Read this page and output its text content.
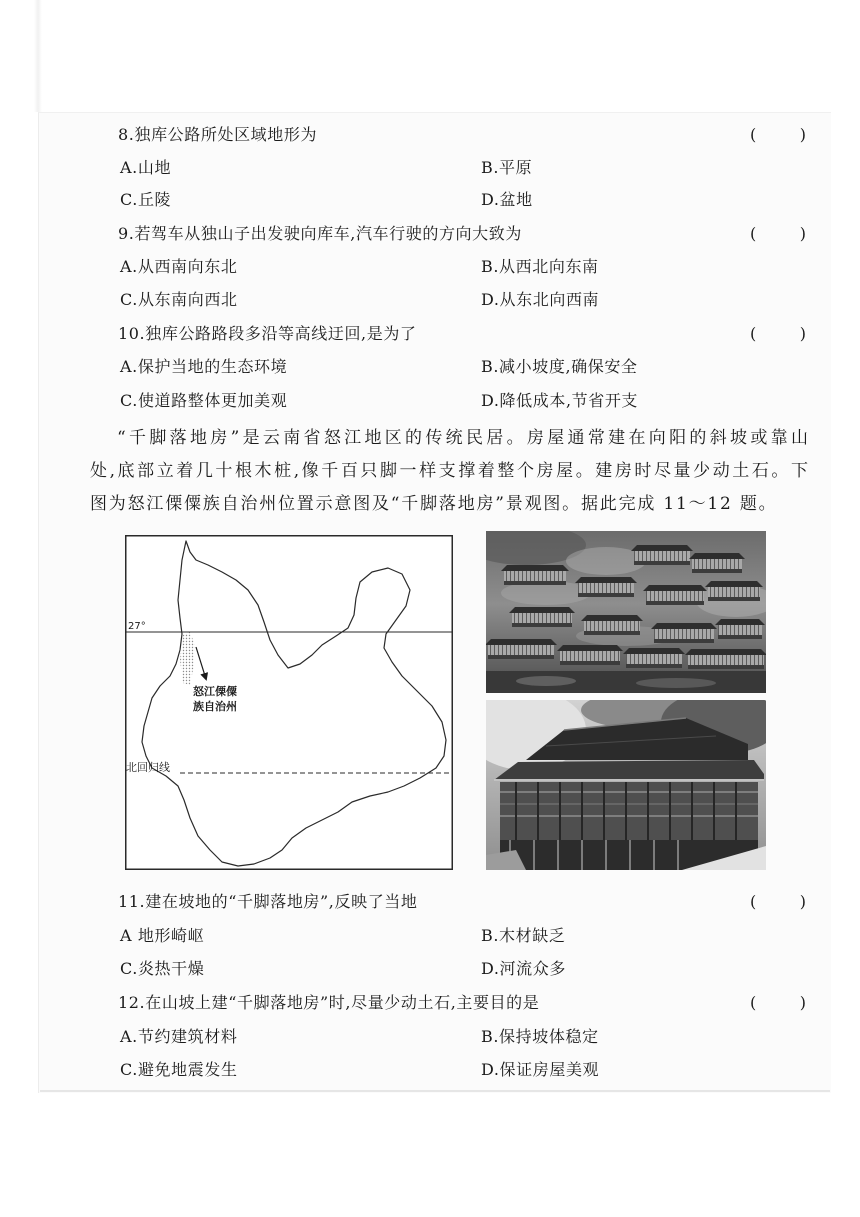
8.独库公路所处区域地形为	(	)
A.山地	B.平原
C.丘陵	D.盆地
9.若驾车从独山子出发驶向库车,汽车行驶的方向大致为	(	)
A.从西南向东北	B.从西北向东南
C.从东南向西北	D.从东北向西南
10.独库公路路段多沿等高线迂回,是为了	(	)
A.保护当地的生态环境	B.减小坡度,确保安全
C.使道路整体更加美观	D.降低成本,节省开支
“千脚落地房”是云南省怒江地区的传统民居。房屋通常建在向阳的斜坡或靠山
处,底部立着几十根木桩,像千百只脚一样支撑着整个房屋。建房时尽量少动土石。下
图为怒江傈僳族自治州位置示意图及“千脚落地房”景观图。据此完成 11～12 题。
27°
北回归线
怒江傈僳
族自治州
11.建在坡地的“千脚落地房”,反映了当地	(	)
A 地形崎岖	B.木材缺乏
C.炎热干燥	D.河流众多
12.在山坡上建“千脚落地房”时,尽量少动土石,主要目的是	(	)
A.节约建筑材料	B.保持坡体稳定
C.避免地震发生	D.保证房屋美观
